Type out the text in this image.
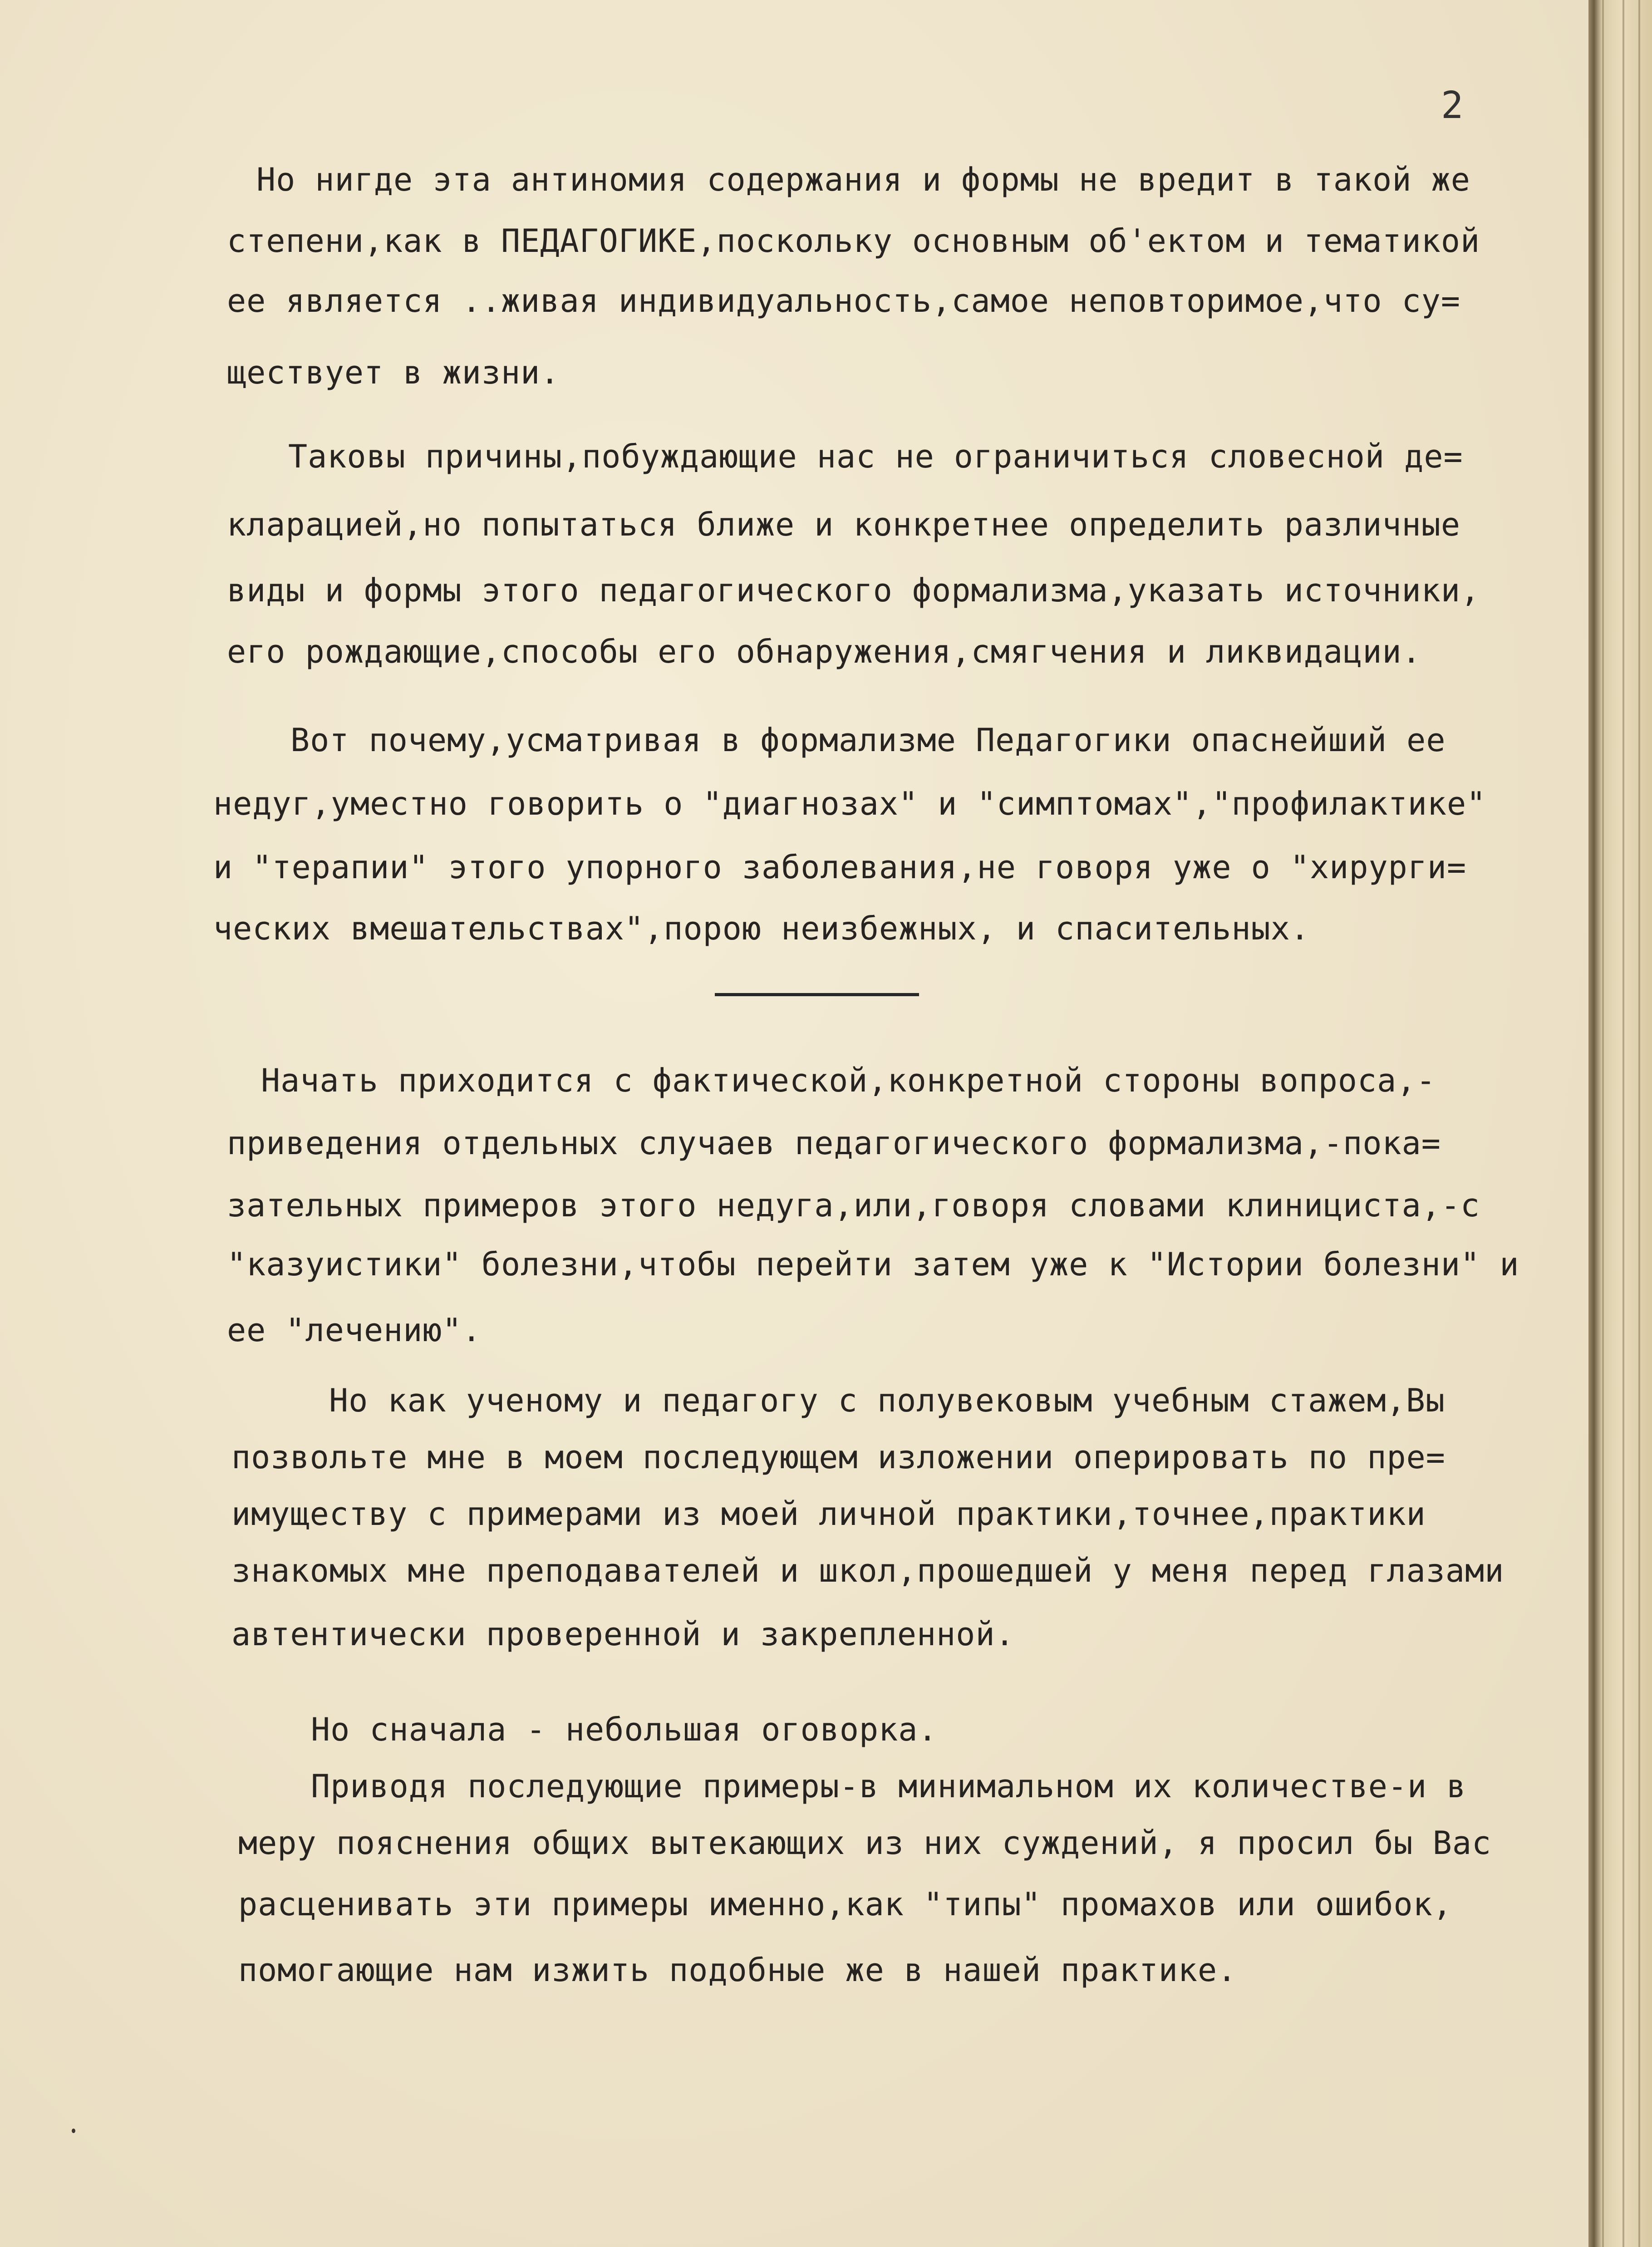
2
Но нигде эта антиномия содержания и формы не вредит в такой же
степени,как в ПЕДАГОГИКЕ,поскольку основным об'ектом и тематикой
ее является ..живая индивидуальность,самое неповторимое,что су=
ществует в жизни.
Таковы причины,побуждающие нас не ограничиться словесной де=
кларацией,но попытаться ближе и конкретнее определить различные
виды и формы этого педагогического формализма,указать источники,
его рождающие,способы его обнаружения,смягчения и ликвидации.
Вот почему,усматривая в формализме Педагогики опаснейший ее
недуг,уместно говорить о "диагнозах" и "симптомах","профилактике"
и "терапии" этого упорного заболевания,не говоря уже о "хирурги=
ческих вмешательствах",порою неизбежных, и спасительных.
Начать приходится с фактической,конкретной стороны вопроса,-
приведения отдельных случаев педагогического формализма,-пока=
зательных примеров этого недуга,или,говоря словами клинициста,-с
"казуистики" болезни,чтобы перейти затем уже к "Истории болезни" и
ее "лечению".
Но как ученому и педагогу с полувековым учебным стажем,Вы
позвольте мне в моем последующем изложении оперировать по пре=
имуществу с примерами из моей личной практики,точнее,практики
знакомых мне преподавателей и школ,прошедшей у меня перед глазами
автентически проверенной и закрепленной.
Но сначала - небольшая оговорка.
Приводя последующие примеры-в минимальном их количестве-и в
меру пояснения общих вытекающих из них суждений, я просил бы Вас
расценивать эти примеры именно,как "типы" промахов или ошибок,
помогающие нам изжить подобные же в нашей практике.
